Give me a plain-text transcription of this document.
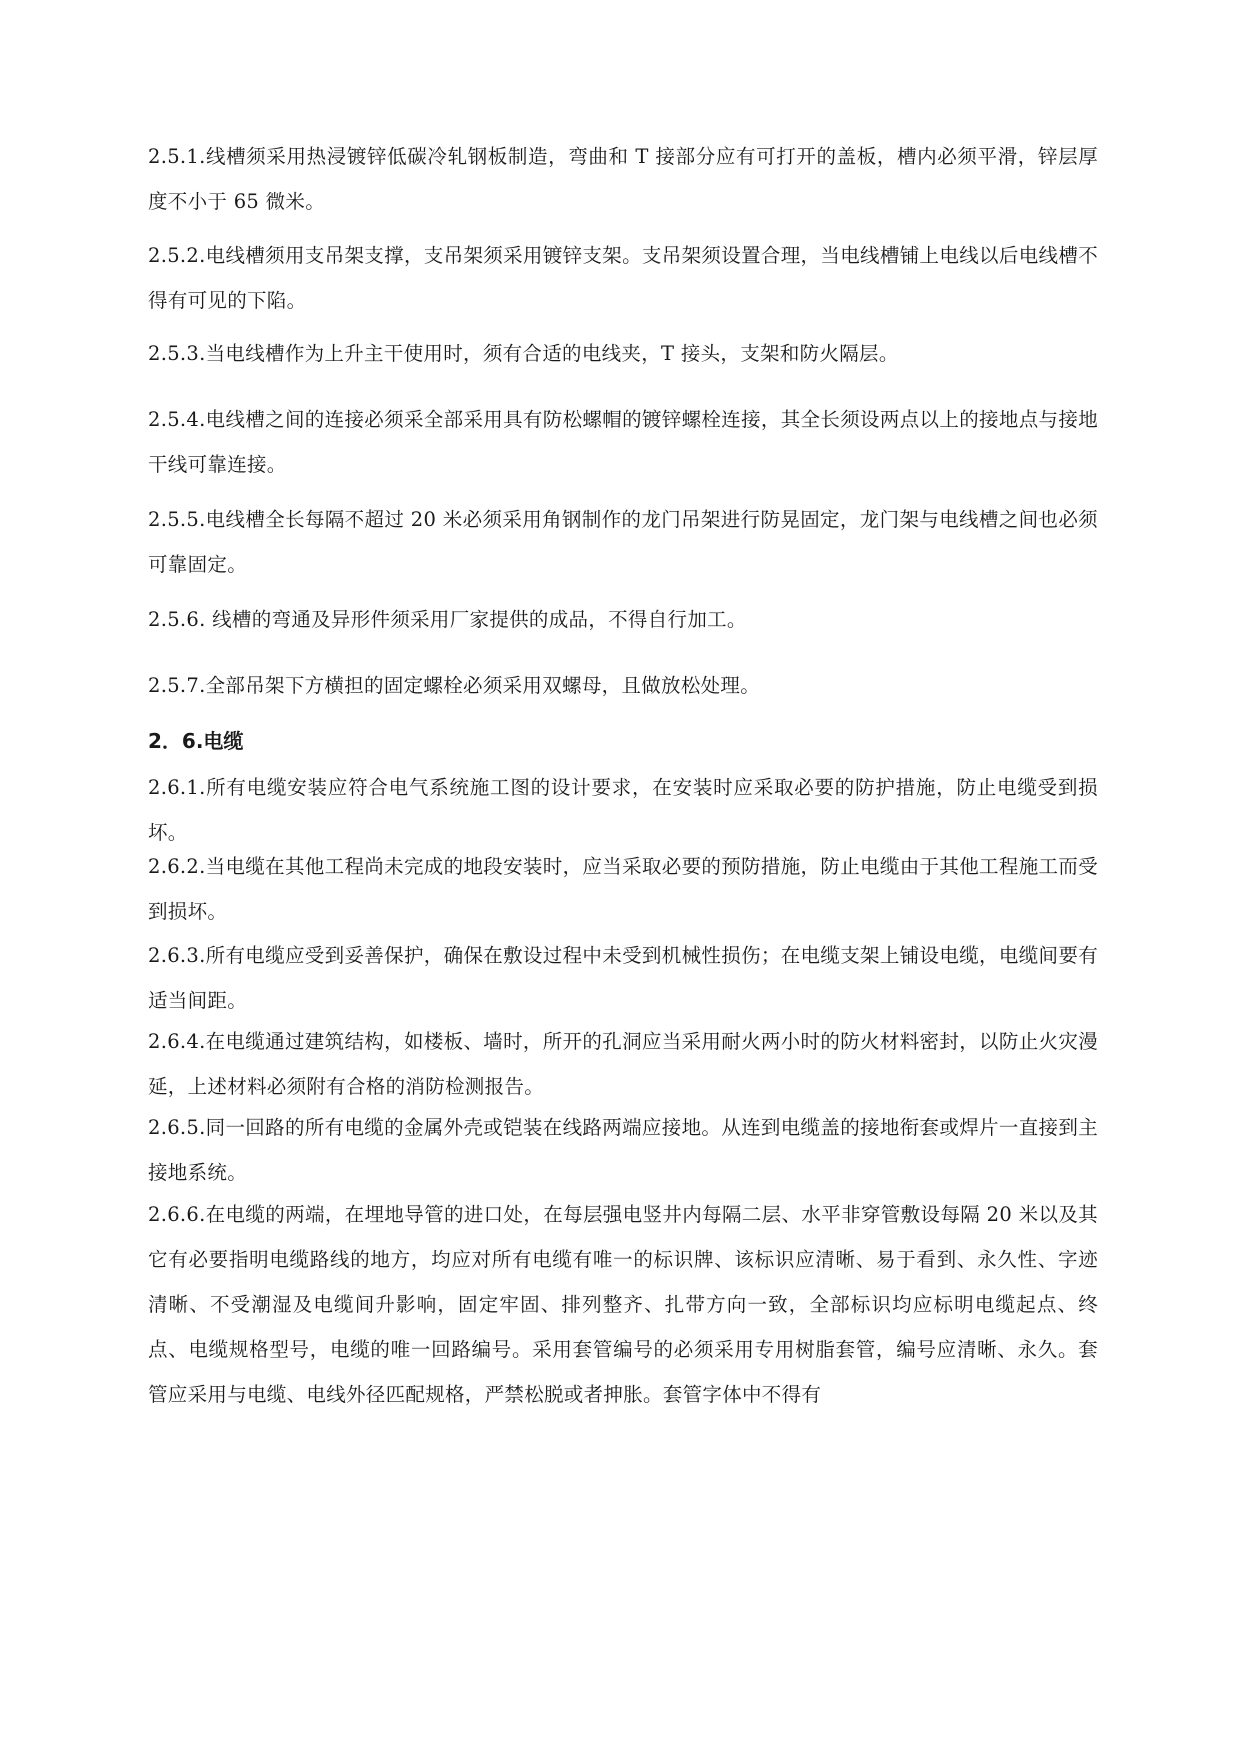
2.5.1.线槽须采用热浸镀锌低碳冷轧钢板制造，弯曲和 T 接部分应有可打开的盖板，槽内必须平滑，锌层厚度不小于 65 微米。

2.5.2.电线槽须用支吊架支撑，支吊架须采用镀锌支架。支吊架须设置合理，当电线槽铺上电线以后电线槽不得有可见的下陷。

2.5.3.当电线槽作为上升主干使用时，须有合适的电线夹，T 接头，支架和防火隔层。

2.5.4.电线槽之间的连接必须采全部采用具有防松螺帽的镀锌螺栓连接，其全长须设两点以上的接地点与接地干线可靠连接。

2.5.5.电线槽全长每隔不超过 20 米必须采用角钢制作的龙门吊架进行防晃固定，龙门架与电线槽之间也必须可靠固定。

2.5.6. 线槽的弯通及异形件须采用厂家提供的成品，不得自行加工。

2.5.7.全部吊架下方横担的固定螺栓必须采用双螺母，且做放松处理。

2．6.电缆

2.6.1.所有电缆安装应符合电气系统施工图的设计要求，在安装时应采取必要的防护措施，防止电缆受到损坏。

2.6.2.当电缆在其他工程尚未完成的地段安装时，应当采取必要的预防措施，防止电缆由于其他工程施工而受到损坏。

2.6.3.所有电缆应受到妥善保护，确保在敷设过程中未受到机械性损伤；在电缆支架上铺设电缆，电缆间要有适当间距。

2.6.4.在电缆通过建筑结构，如楼板、墙时，所开的孔洞应当采用耐火两小时的防火材料密封，以防止火灾漫延，上述材料必须附有合格的消防检测报告。

2.6.5.同一回路的所有电缆的金属外壳或铠装在线路两端应接地。从连到电缆盖的接地衔套或焊片一直接到主接地系统。

2.6.6.在电缆的两端，在埋地导管的进口处，在每层强电竖井内每隔二层、水平非穿管敷设每隔 20 米以及其它有必要指明电缆路线的地方，均应对所有电缆有唯一的标识牌、该标识应清晰、易于看到、永久性、字迹清晰、不受潮湿及电缆间升影响，固定牢固、排列整齐、扎带方向一致，全部标识均应标明电缆起点、终点、电缆规格型号，电缆的唯一回路编号。采用套管编号的必须采用专用树脂套管，编号应清晰、永久。套管应采用与电缆、电线外径匹配规格，严禁松脱或者抻胀。套管字体中不得有
